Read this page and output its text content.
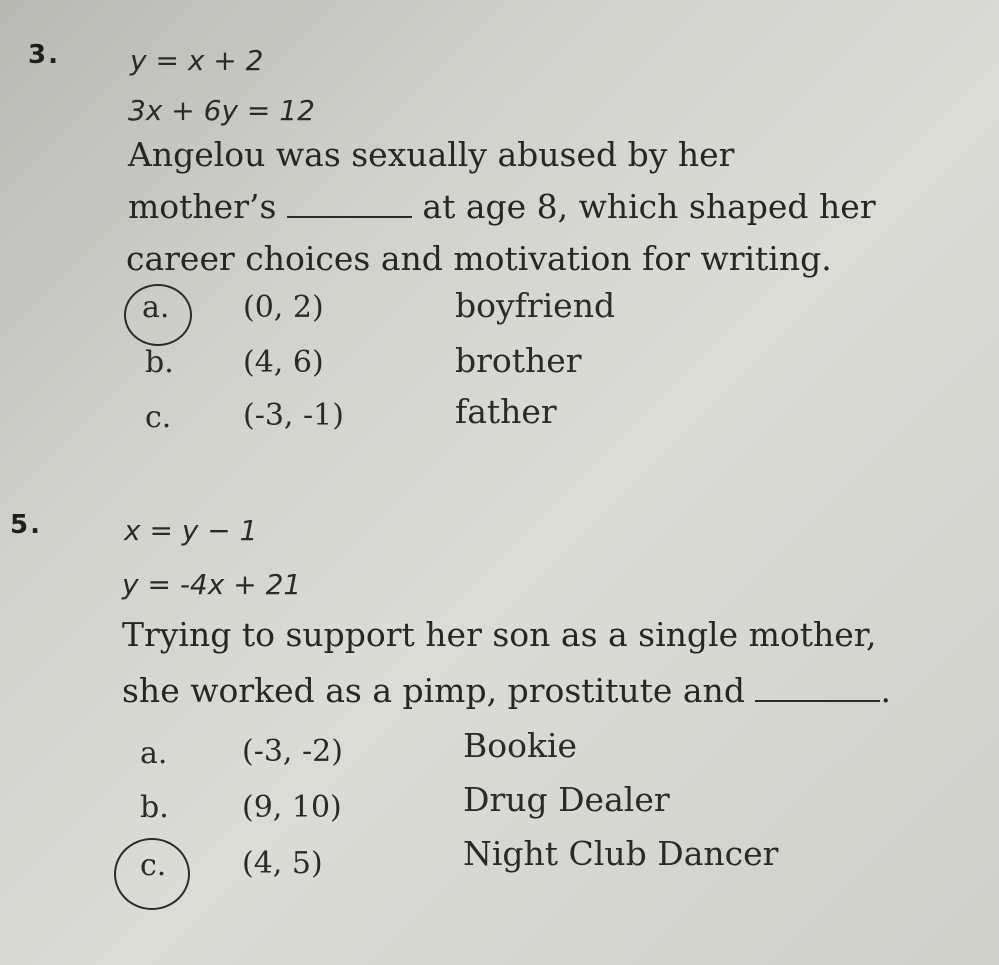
3.	y = x + 2
3x + 6y = 12
Angelou was sexually abused by her
mother’s	at age 8, which shaped her
career choices and motivation for writing.
a. (0, 2)	boyfriend
b. (4, 6)	brother
c. (-3, -1)	father
5.	x = y − 1
y = -4x + 21
Trying to support her son as a single mother,
she worked as a pimp, prostitute and	.
a. (-3, -2)	Bookie
b. (9, 10)	Drug Dealer
c.	(4, 5)	Night Club Dancer
